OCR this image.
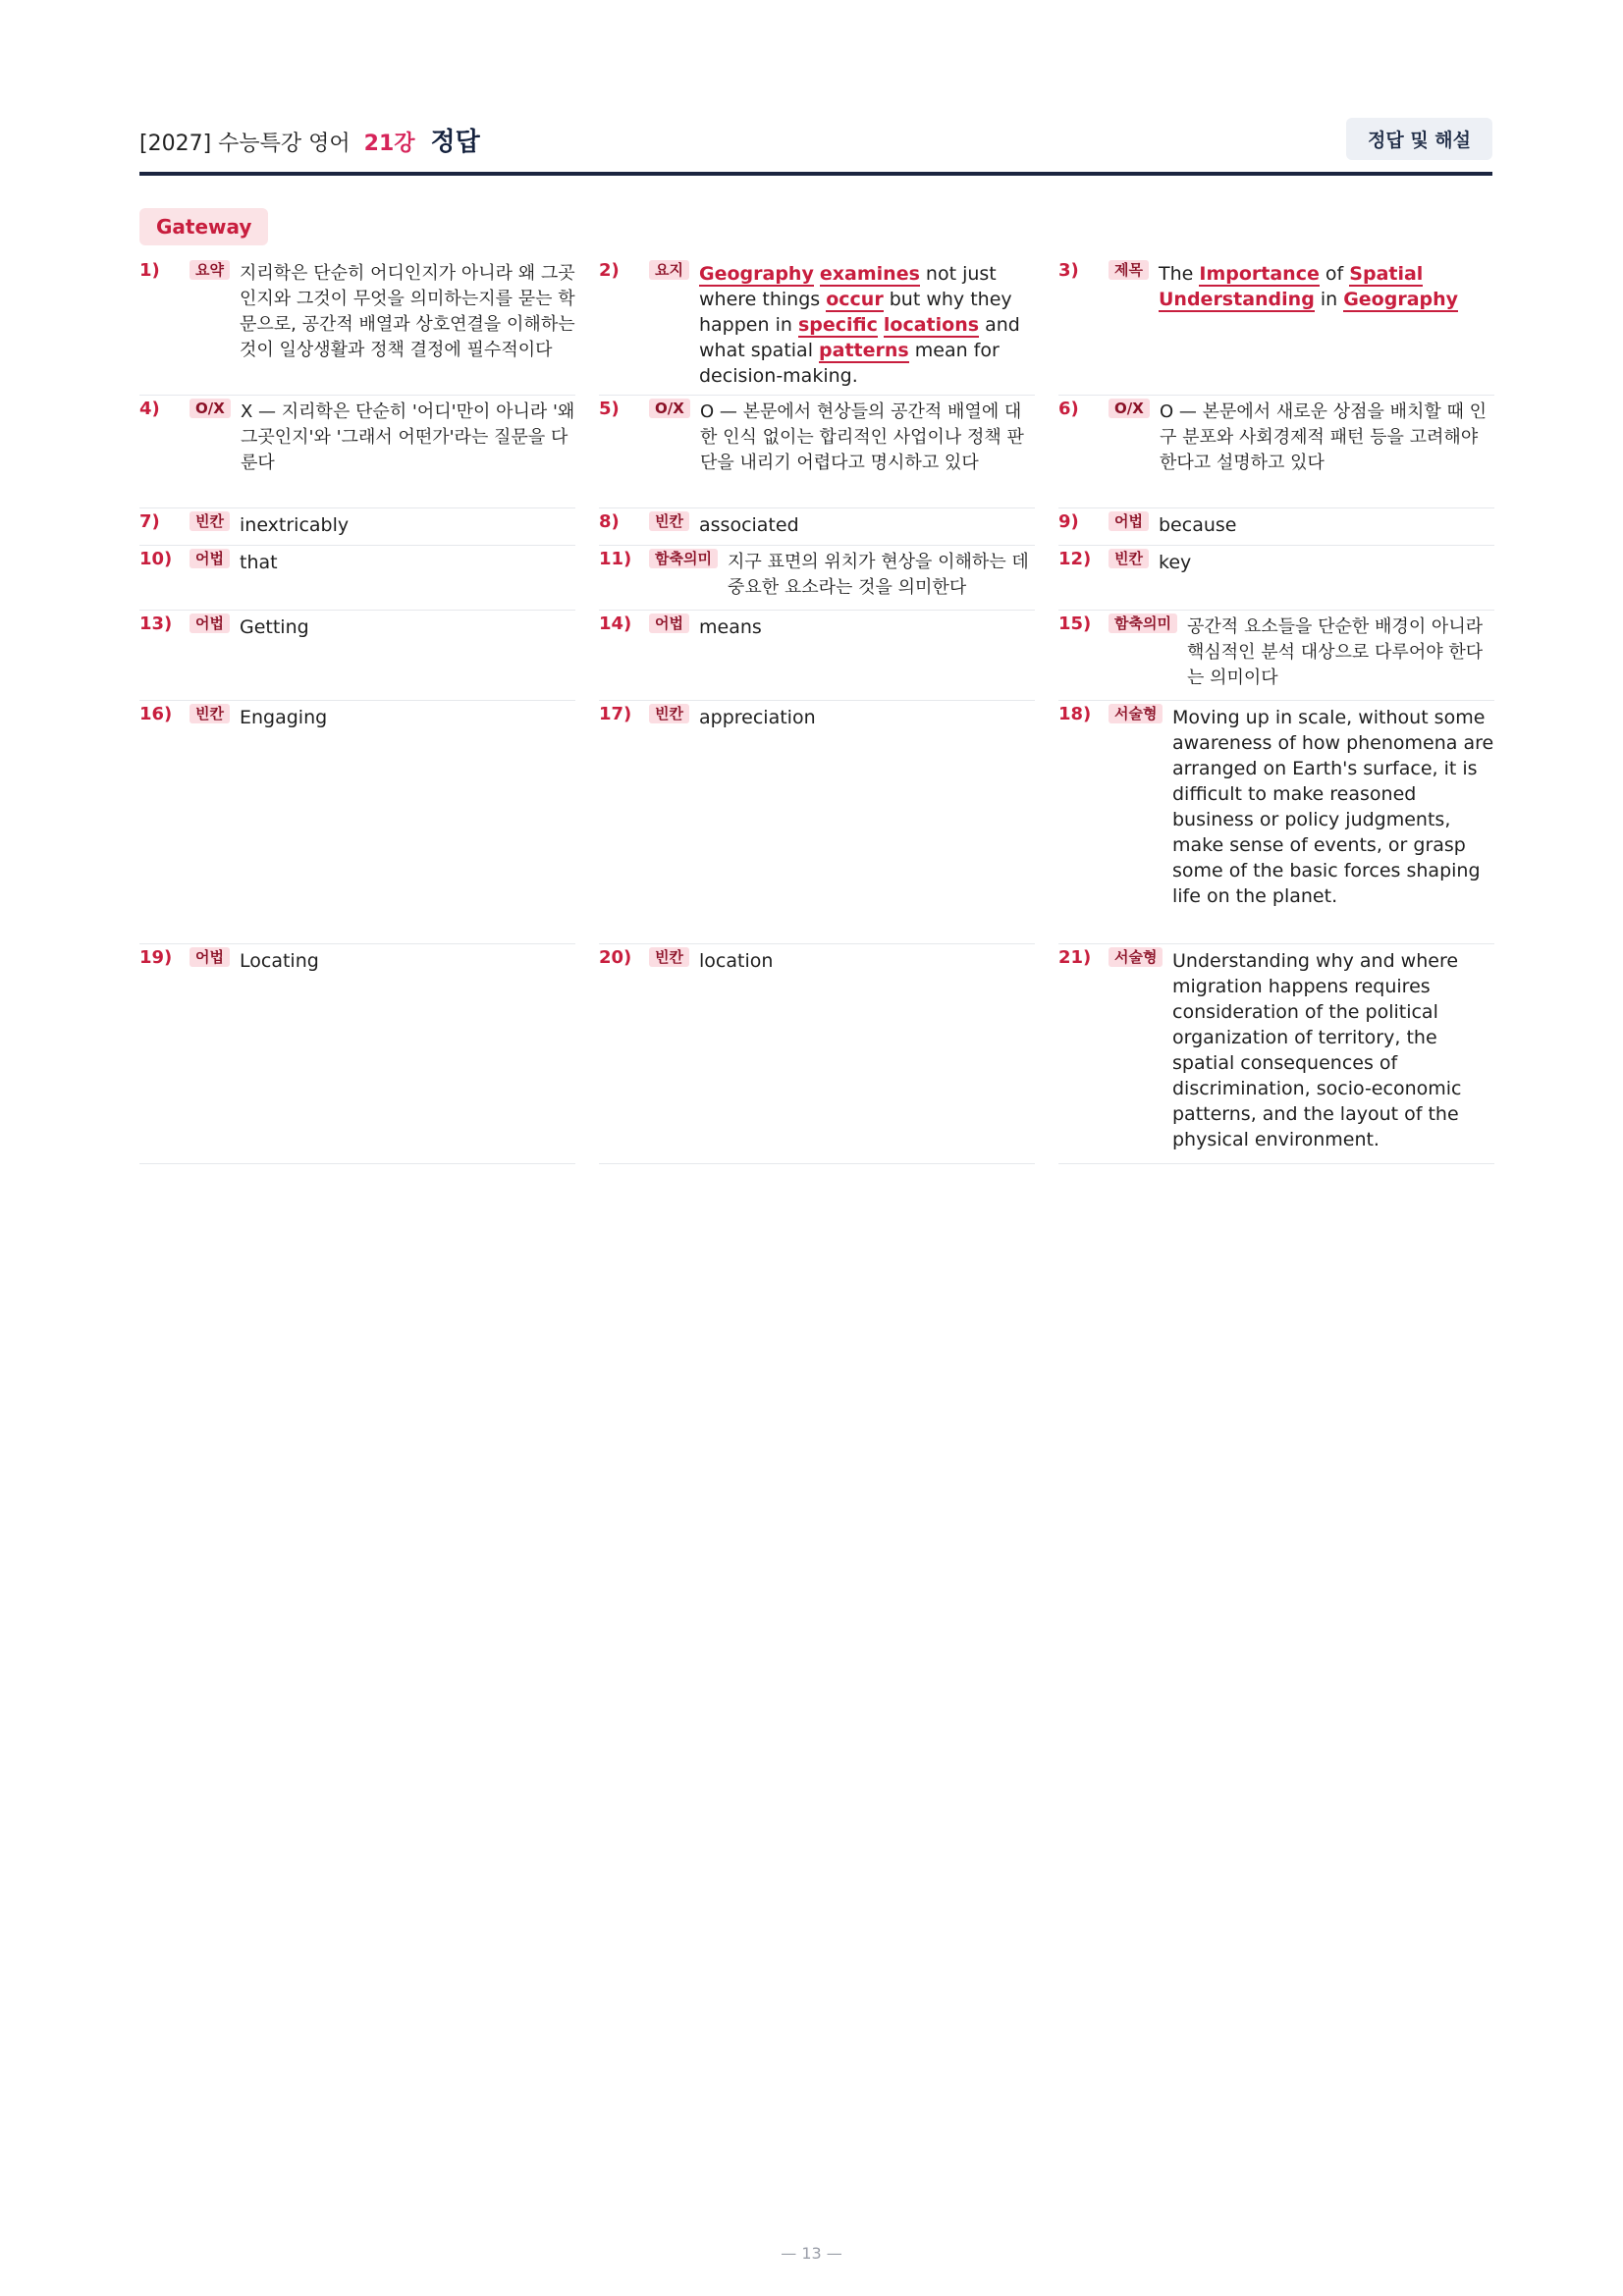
[2027] 수능특강 영어 21강 정답	정답 및 해설
Gateway
1)	요약 지리학은 단순히 어디인지가 아니라 왜 그곳인지와 그것이 무엇을 의미하는지를 묻는 학문으로, 공간적 배열과 상호연결을 이해하는 것이 일상생활과 정책 결정에 필수적이다
2)	요지 Geography examines not just where things occur but why they happen in specific locations and what spatial patterns mean for decision-making.
3)	제목 The Importance of Spatial Understanding in Geography
4)	O/X X — 지리학은 단순히 '어디'만이 아니라 '왜 그곳인지'와 '그래서 어떤가'라는 질문을 다룬다
5)	O/X O — 본문에서 현상들의 공간적 배열에 대한 인식 없이는 합리적인 사업이나 정책 판단을 내리기 어렵다고 명시하고 있다
6)	O/X O — 본문에서 새로운 상점을 배치할 때 인구 분포와 사회경제적 패턴 등을 고려해야 한다고 설명하고 있다
7)	빈칸 inextricably	8)	빈칸 associated	9)	어법 because
10)	어법 that	11)	함축의미 지구 표면의 위치가 현상을 이해하는 데 중요한 요소라는 것을 의미한다
12)	빈칸 key
13)	어법 Getting	14)	어법 means	15)	함축의미 공간적 요소들을 단순한 배경이 아니라 핵심적인 분석 대상으로 다루어야 한다는 의미이다
16)	빈칸 Engaging	17)	빈칸 appreciation	18)	서술형 Moving up in scale, without some awareness of how phenomena are arranged on Earth's surface, it is difficult to make reasoned business or policy judgments, make sense of events, or grasp some of the basic forces shaping life on the planet.
19)	어법 Locating	20)	빈칸 location	21)	서술형 Understanding why and where migration happens requires consideration of the political organization of territory, the spatial consequences of discrimination, socio-economic patterns, and the layout of the physical environment.
— 13 —
